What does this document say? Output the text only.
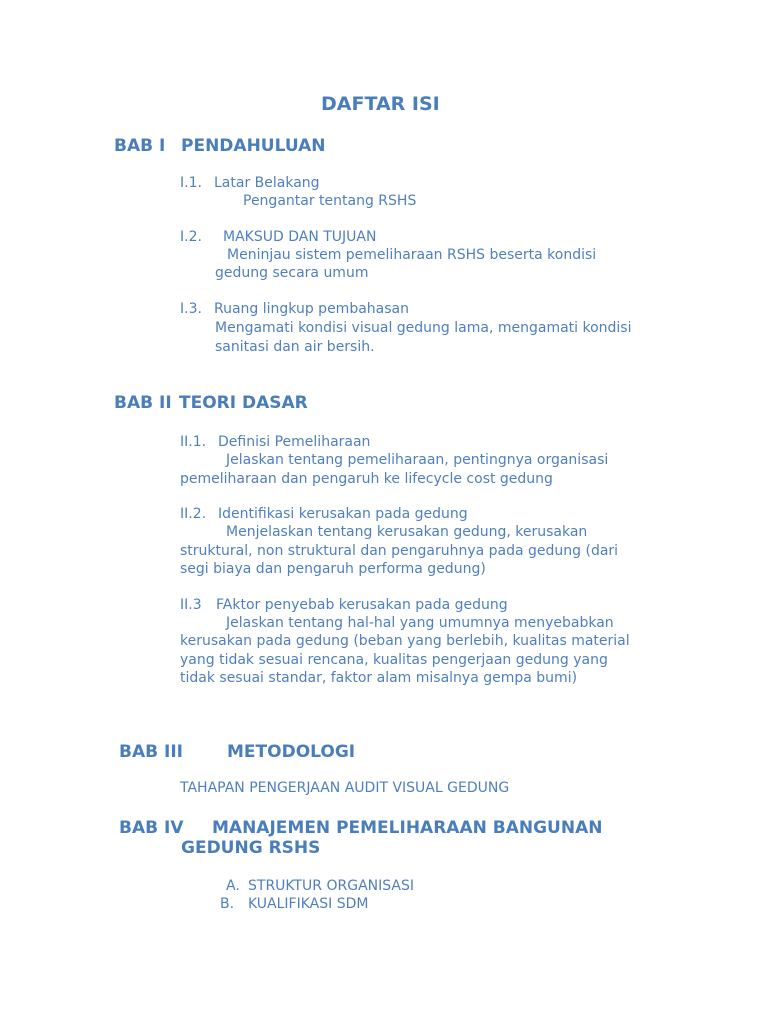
DAFTAR ISI
BAB I PENDAHULUAN
I.1. Latar Belakang
Pengantar tentang RSHS
I.2. MAKSUD DAN TUJUAN
Meninjau sistem pemeliharaan RSHS beserta kondisi
gedung secara umum
I.3. Ruang lingkup pembahasan
Mengamati kondisi visual gedung lama, mengamati kondisi
sanitasi dan air bersih.
BAB II TEORI DASAR
II.1. Definisi Pemeliharaan
Jelaskan tentang pemeliharaan, pentingnya organisasi
pemeliharaan dan pengaruh ke lifecycle cost gedung
II.2. Identifikasi kerusakan pada gedung
Menjelaskan tentang kerusakan gedung, kerusakan
struktural, non struktural dan pengaruhnya pada gedung (dari
segi biaya dan pengaruh performa gedung)
II.3 FAktor penyebab kerusakan pada gedung
Jelaskan tentang hal-hal yang umumnya menyebabkan
kerusakan pada gedung (beban yang berlebih, kualitas material
yang tidak sesuai rencana, kualitas pengerjaan gedung yang
tidak sesuai standar, faktor alam misalnya gempa bumi)
BAB III	METODOLOGI
TAHAPAN PENGERJAAN AUDIT VISUAL GEDUNG
BAB IV MANAJEMEN PEMELIHARAAN BANGUNAN
GEDUNG RSHS
A. STRUKTUR ORGANISASI
B. KUALIFIKASI SDM
